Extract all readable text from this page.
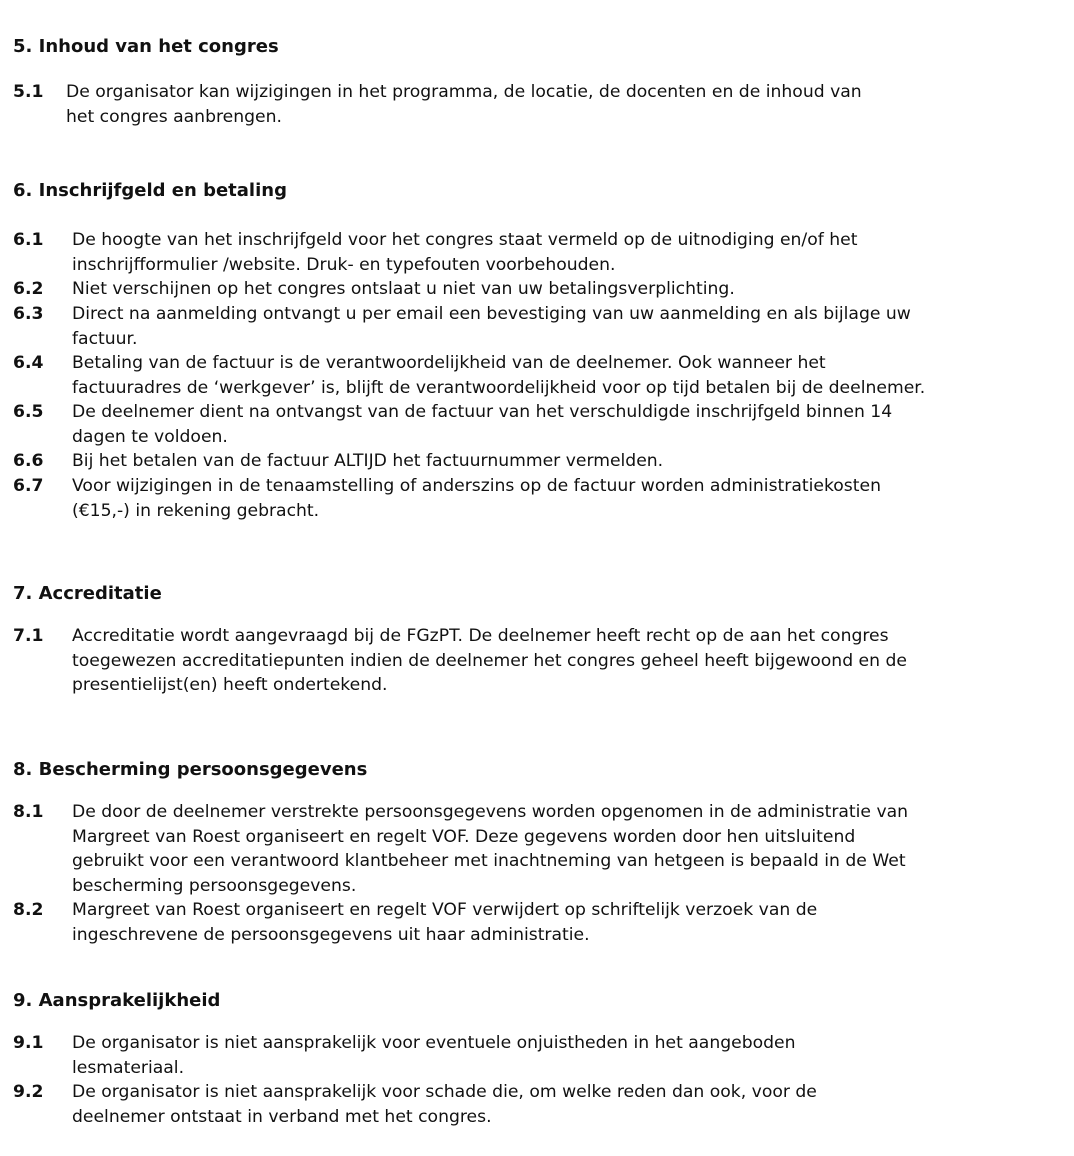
5. Inhoud van het congres
5.1 De organisator kan wijzigingen in het programma, de locatie, de docenten en de inhoud van
het congres aanbrengen.
6. Inschrijfgeld en betaling
6.1 De hoogte van het inschrijfgeld voor het congres staat vermeld op de uitnodiging en/of het
inschrijfformulier /website. Druk- en typefouten voorbehouden.
6.2 Niet verschijnen op het congres ontslaat u niet van uw betalingsverplichting.
6.3 Direct na aanmelding ontvangt u per email een bevestiging van uw aanmelding en als bijlage uw
factuur.
6.4 Betaling van de factuur is de verantwoordelijkheid van de deelnemer. Ook wanneer het
factuuradres de ‘werkgever’ is, blijft de verantwoordelijkheid voor op tijd betalen bij de deelnemer.
6.5 De deelnemer dient na ontvangst van de factuur van het verschuldigde inschrijfgeld binnen 14
dagen te voldoen.
6.6 Bij het betalen van de factuur ALTIJD het factuurnummer vermelden.
6.7 Voor wijzigingen in de tenaamstelling of anderszins op de factuur worden administratiekosten
(€15,-) in rekening gebracht.
7. Accreditatie
7.1 Accreditatie wordt aangevraagd bij de FGzPT. De deelnemer heeft recht op de aan het congres
toegewezen accreditatiepunten indien de deelnemer het congres geheel heeft bijgewoond en de
presentielijst(en) heeft ondertekend.
8. Bescherming persoonsgegevens
8.1 De door de deelnemer verstrekte persoonsgegevens worden opgenomen in de administratie van
Margreet van Roest organiseert en regelt VOF. Deze gegevens worden door hen uitsluitend
gebruikt voor een verantwoord klantbeheer met inachtneming van hetgeen is bepaald in de Wet
bescherming persoonsgegevens.
8.2 Margreet van Roest organiseert en regelt VOF verwijdert op schriftelijk verzoek van de
ingeschrevene de persoonsgegevens uit haar administratie.
9. Aansprakelijkheid
9.1 De organisator is niet aansprakelijk voor eventuele onjuistheden in het aangeboden
lesmateriaal.
9.2 De organisator is niet aansprakelijk voor schade die, om welke reden dan ook, voor de
deelnemer ontstaat in verband met het congres.
